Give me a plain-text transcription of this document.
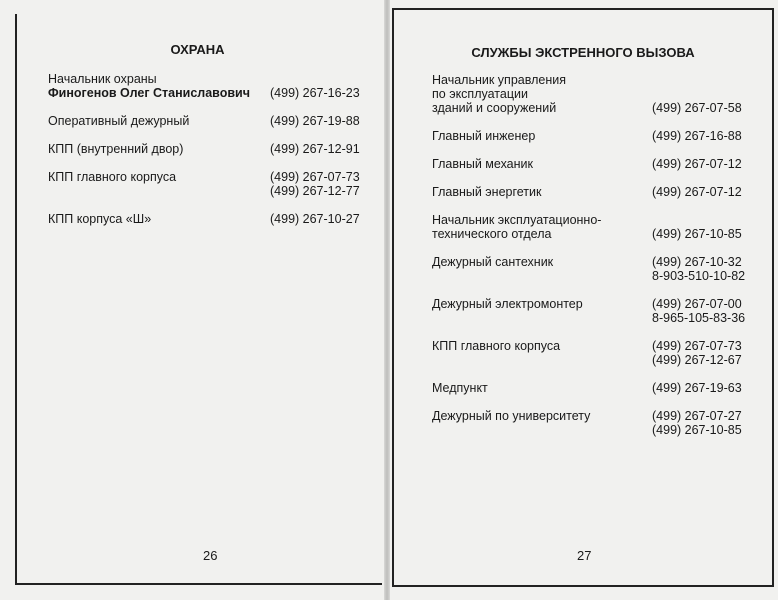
ОХРАНА
Начальник охраны
Финогенов Олег Станиславович (499) 267-16-23
Оперативный дежурный	(499) 267-19-88
КПП (внутренний двор)	(499) 267-12-91
КПП главного корпуса	(499) 267-07-73
(499) 267-12-77
КПП корпуса «Ш»	(499) 267-10-27
26
СЛУЖБЫ ЭКСТРЕННОГО ВЫЗОВА
Начальник управления
по эксплуатации
зданий и сооружений	(499) 267-07-58
Главный инженер	(499) 267-16-88
Главный механик	(499) 267-07-12
Главный энергетик	(499) 267-07-12
Начальник эксплуатационно-
технического отдела	(499) 267-10-85
Дежурный сантехник	(499) 267-10-32
8-903-510-10-82
Дежурный электромонтер	(499) 267-07-00
8-965-105-83-36
КПП главного корпуса	(499) 267-07-73
(499) 267-12-67
Медпункт	(499) 267-19-63
Дежурный по университету	(499) 267-07-27
(499) 267-10-85
27
